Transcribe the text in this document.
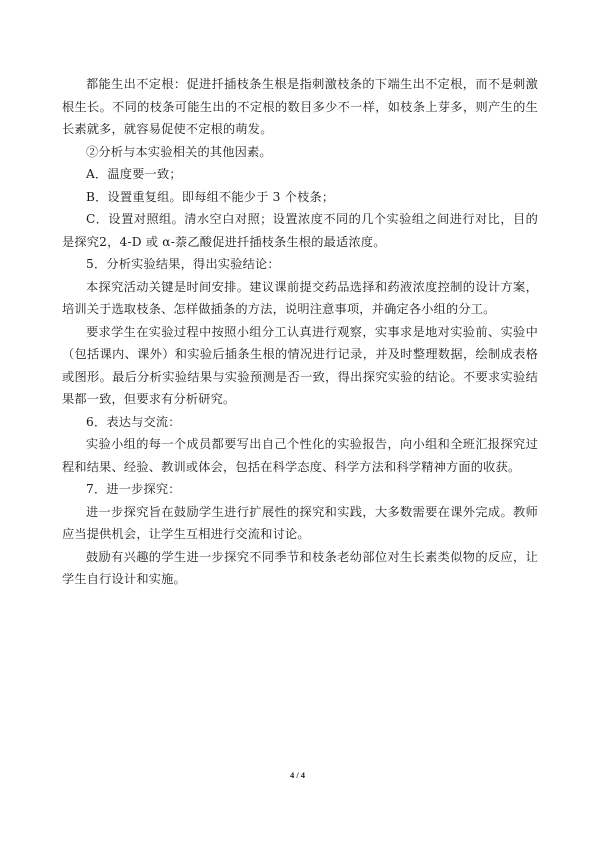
都能生出不定根：促进扦插枝条生根是指刺激枝条的下端生出不定根，而不是刺激根生长。不同的枝条可能生出的不定根的数目多少不一样，如枝条上芽多，则产生的生长素就多，就容易促使不定根的萌发。

②分析与本实验相关的其他因素。

A．温度要一致；

B．设置重复组。即每组不能少于 3 个枝条；

C．设置对照组。清水空白对照；设置浓度不同的几个实验组之间进行对比，目的是探究2，4-D 或 α-萘乙酸促进扦插枝条生根的最适浓度。

5．分析实验结果，得出实验结论：

本探究活动关键是时间安排。建议课前提交药品选择和药液浓度控制的设计方案，培训关于选取枝条、怎样做插条的方法，说明注意事项，并确定各小组的分工。

要求学生在实验过程中按照小组分工认真进行观察，实事求是地对实验前、实验中（包括课内、课外）和实验后插条生根的情况进行记录，并及时整理数据，绘制成表格或图形。最后分析实验结果与实验预测是否一致，得出探究实验的结论。不要求实验结果都一致，但要求有分析研究。

6．表达与交流：

实验小组的每一个成员都要写出自己个性化的实验报告，向小组和全班汇报探究过程和结果、经验、教训或体会，包括在科学态度、科学方法和科学精神方面的收获。

7．进一步探究：

进一步探究旨在鼓励学生进行扩展性的探究和实践，大多数需要在课外完成。教师应当提供机会，让学生互相进行交流和讨论。

鼓励有兴趣的学生进一步探究不同季节和枝条老幼部位对生长素类似物的反应，让学生自行设计和实施。

4 / 4
